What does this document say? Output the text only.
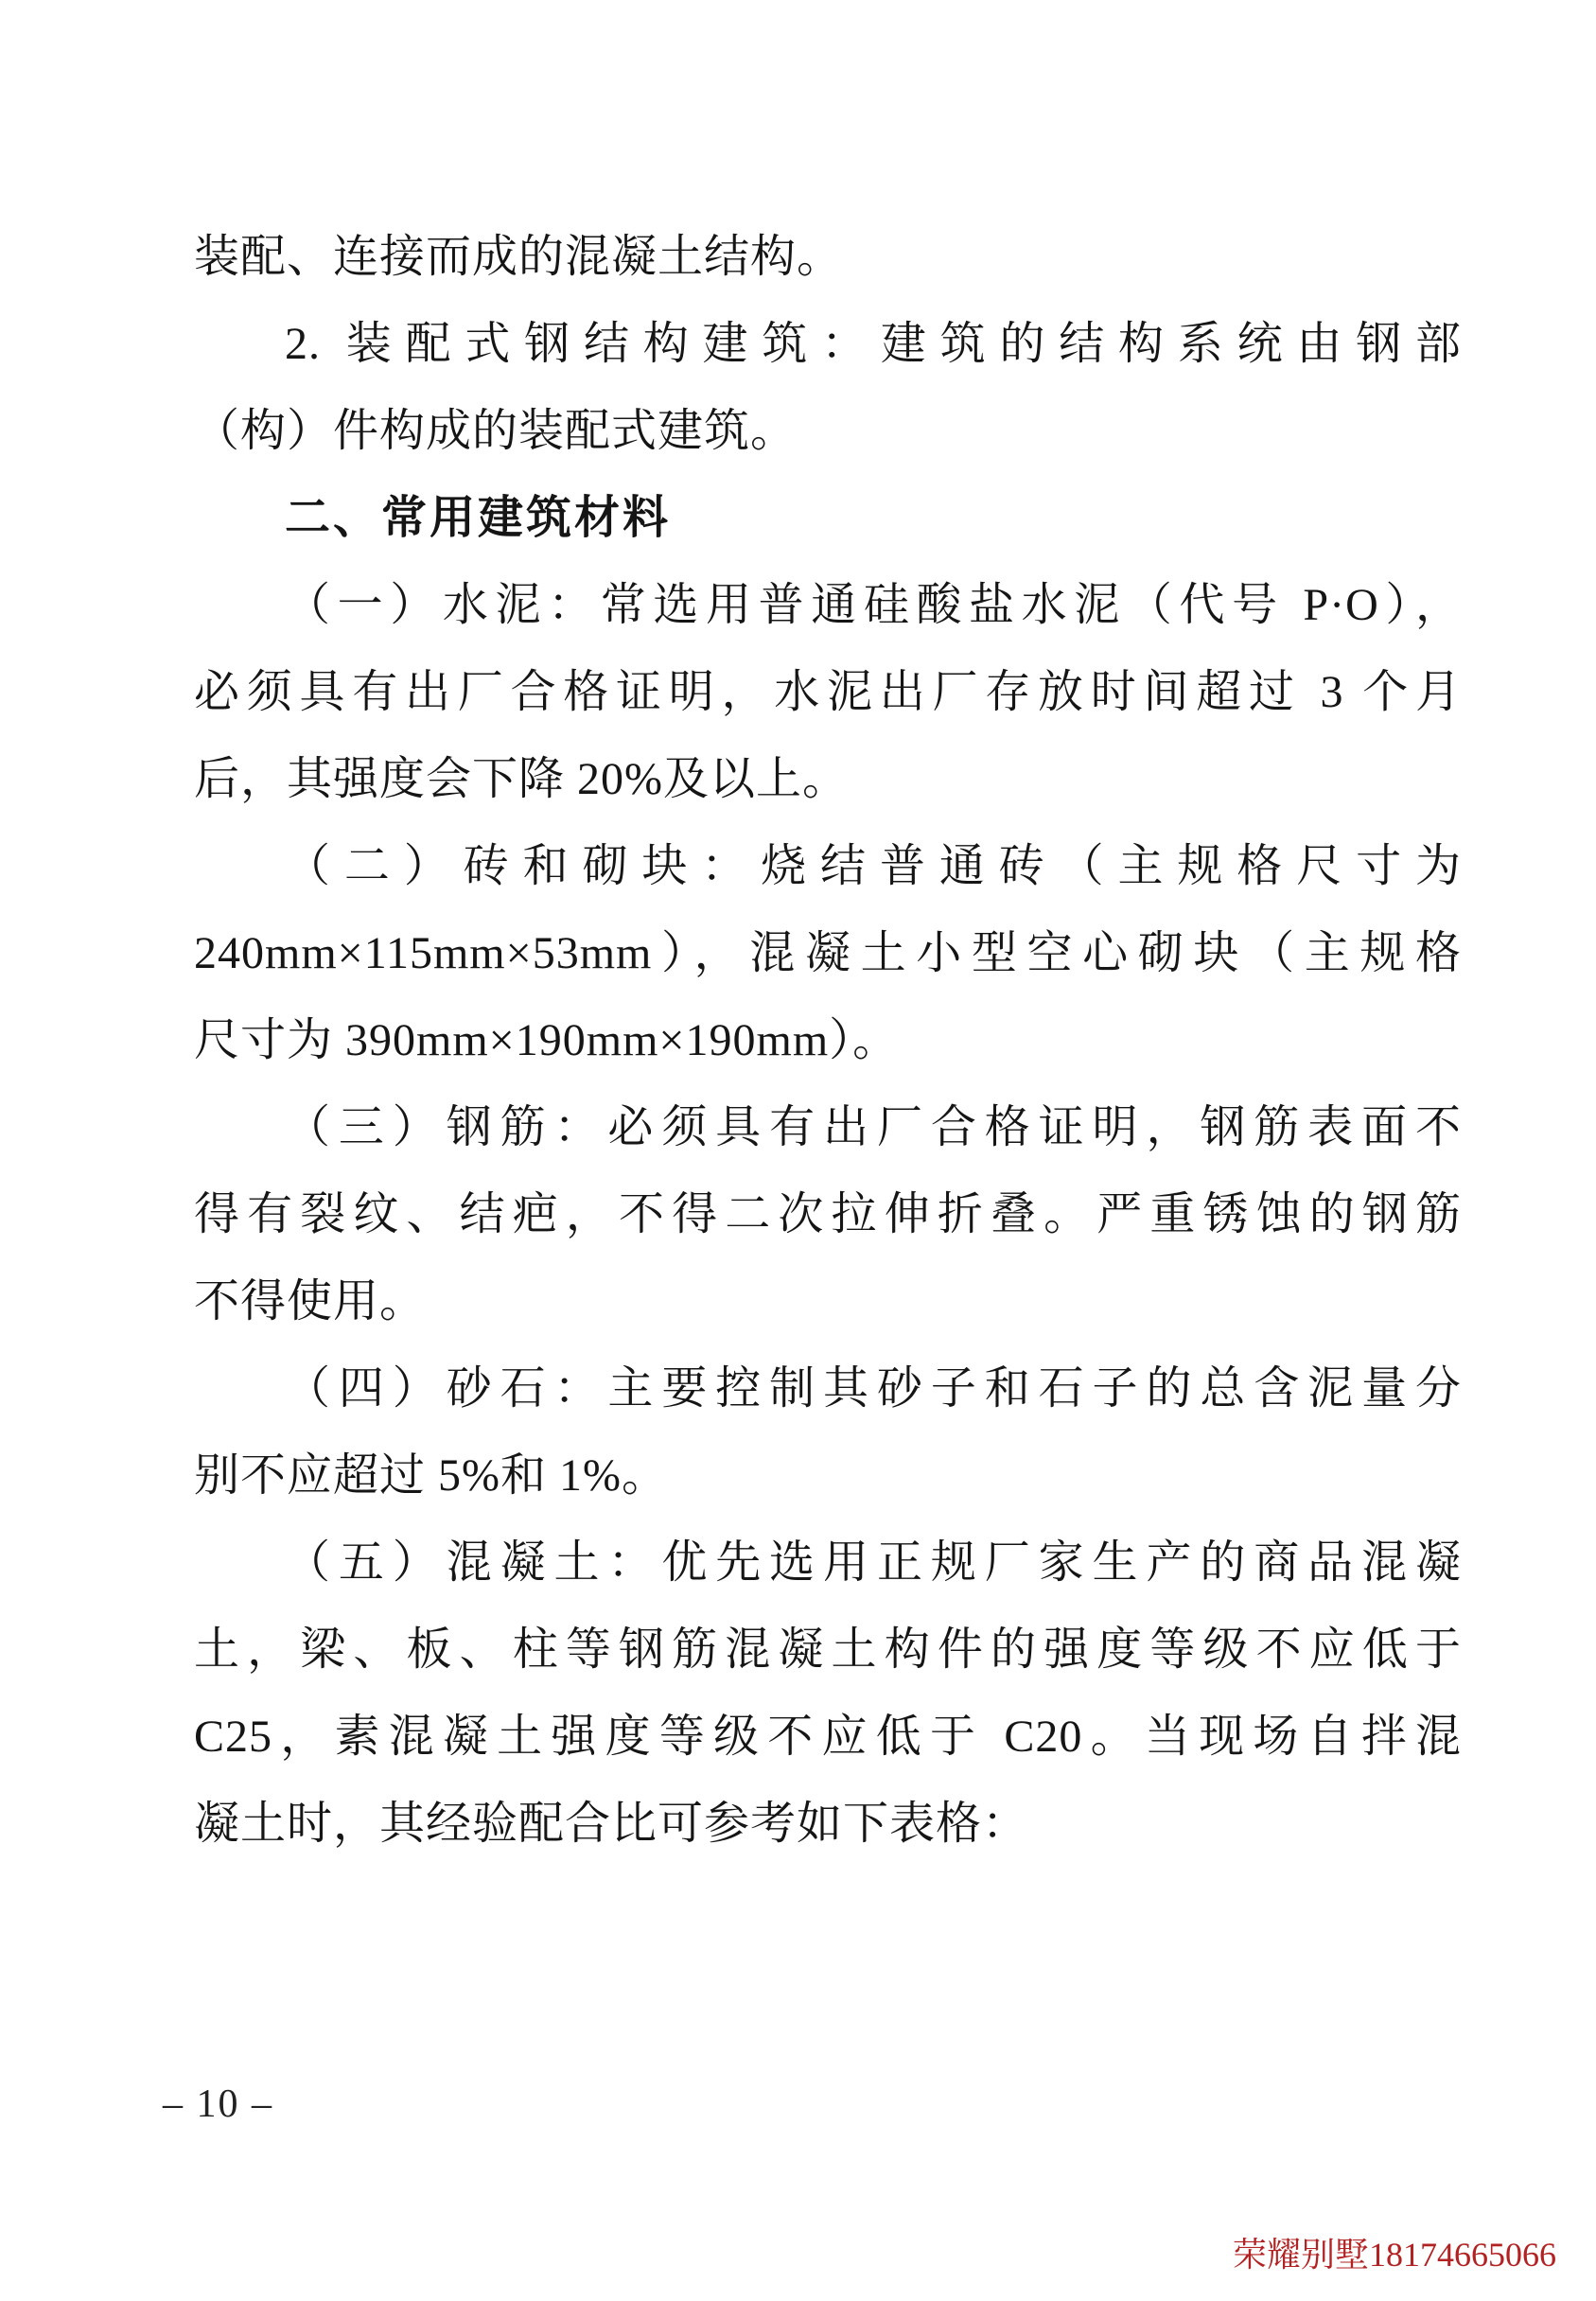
装配、连接而成的混凝土结构。
2. 装配式钢结构建筑：建筑的结构系统由钢部
（构）件构成的装配式建筑。
二、常用建筑材料
（一）水泥：常选用普通硅酸盐水泥（代号 P·O），
必须具有出厂合格证明，水泥出厂存放时间超过 3 个月
后，其强度会下降 20%及以上。
（二）砖和砌块：烧结普通砖（主规格尺寸为
240mm×115mm×53mm），混凝土小型空心砌块（主规格
尺寸为 390mm×190mm×190mm）。
（三）钢筋：必须具有出厂合格证明，钢筋表面不
得有裂纹、结疤，不得二次拉伸折叠。严重锈蚀的钢筋
不得使用。
（四）砂石：主要控制其砂子和石子的总含泥量分
别不应超过 5%和 1%。
（五）混凝土：优先选用正规厂家生产的商品混凝
土，梁、板、柱等钢筋混凝土构件的强度等级不应低于
C25，素混凝土强度等级不应低于 C20。当现场自拌混
凝土时，其经验配合比可参考如下表格：
– 10 –
荣耀别墅18174665066
